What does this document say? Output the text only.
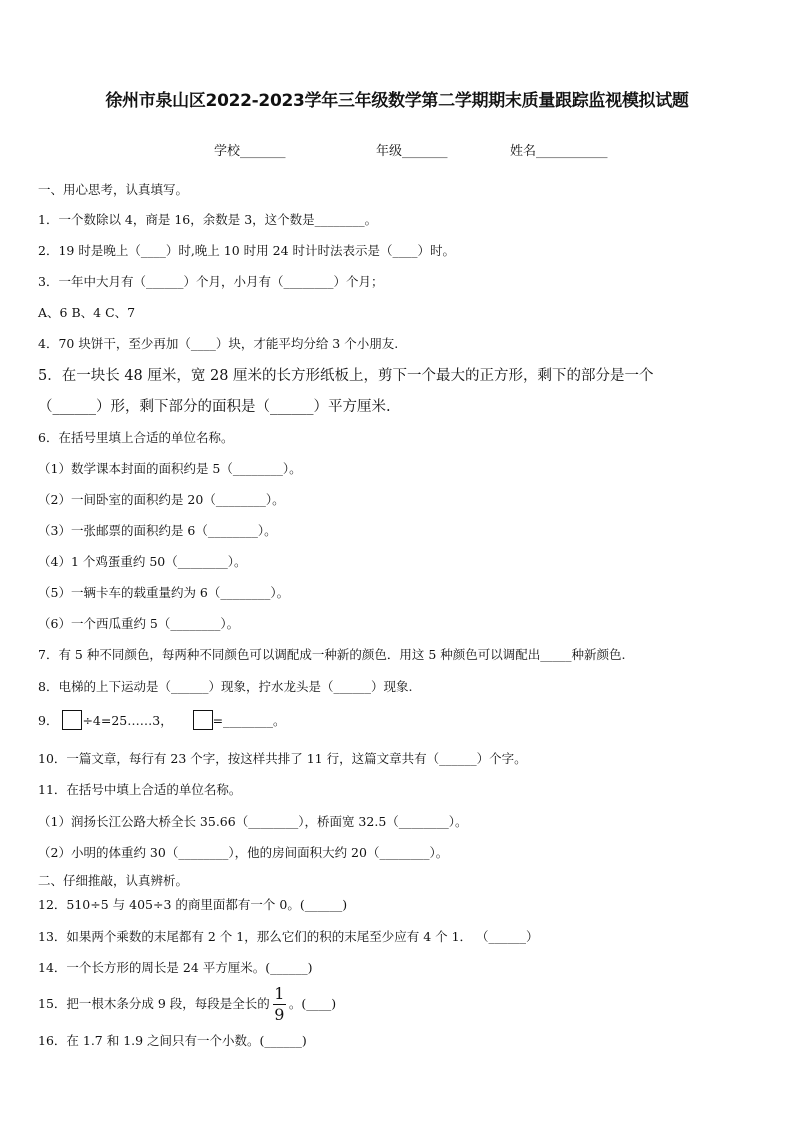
徐州市泉山区2022-2023学年三年级数学第二学期期末质量跟踪监视模拟试题
学校_______	年级_______	姓名___________
一、用心思考，认真填写。
1．一个数除以 4，商是 16，余数是 3，这个数是________。
2．19 时是晚上（____）时,晚上 10 时用 24 时计时法表示是（____）时。
3．一年中大月有（______）个月，小月有（________）个月；
A、6 B、4 C、7
4．70 块饼干，至少再加（____）块，才能平均分给 3 个小朋友.
5．在一块长 48 厘米，宽 28 厘米的长方形纸板上，剪下一个最大的正方形，剩下的部分是一个
（______）形，剩下部分的面积是（______）平方厘米.
6．在括号里填上合适的单位名称。
（1）数学课本封面的面积约是 5（________）。
（2）一间卧室的面积约是 20（________）。
（3）一张邮票的面积约是 6（________）。
（4）1 个鸡蛋重约 50（________）。
（5）一辆卡车的载重量约为 6（________）。
（6）一个西瓜重约 5（________）。
7．有 5 种不同颜色，每两种不同颜色可以调配成一种新的颜色．用这 5 种颜色可以调配出_____种新颜色.
8．电梯的上下运动是（______）现象，拧水龙头是（______）现象.
9． ÷4=25……3，	=________。
10．一篇文章，每行有 23 个字，按这样共排了 11 行，这篇文章共有（______）个字。
11．在括号中填上合适的单位名称。
（1）润扬长江公路大桥全长 35.66（________），桥面宽 32.5（________）。
（2）小明的体重约 30（________），他的房间面积大约 20（________）。
二、仔细推敲，认真辨析。
12．510÷5 与 405÷3 的商里面都有一个 0。(______)
13．如果两个乘数的末尾都有 2 个 1，那么它们的积的末尾至少应有 4 个 1． （______）
14．一个长方形的周长是 24 平方厘米。(______)
15．把一根木条分成 9 段，每段是全长的 $\frac{1}{9}$ 。(____)
16．在 1.7 和 1.9 之间只有一个小数。(______)
